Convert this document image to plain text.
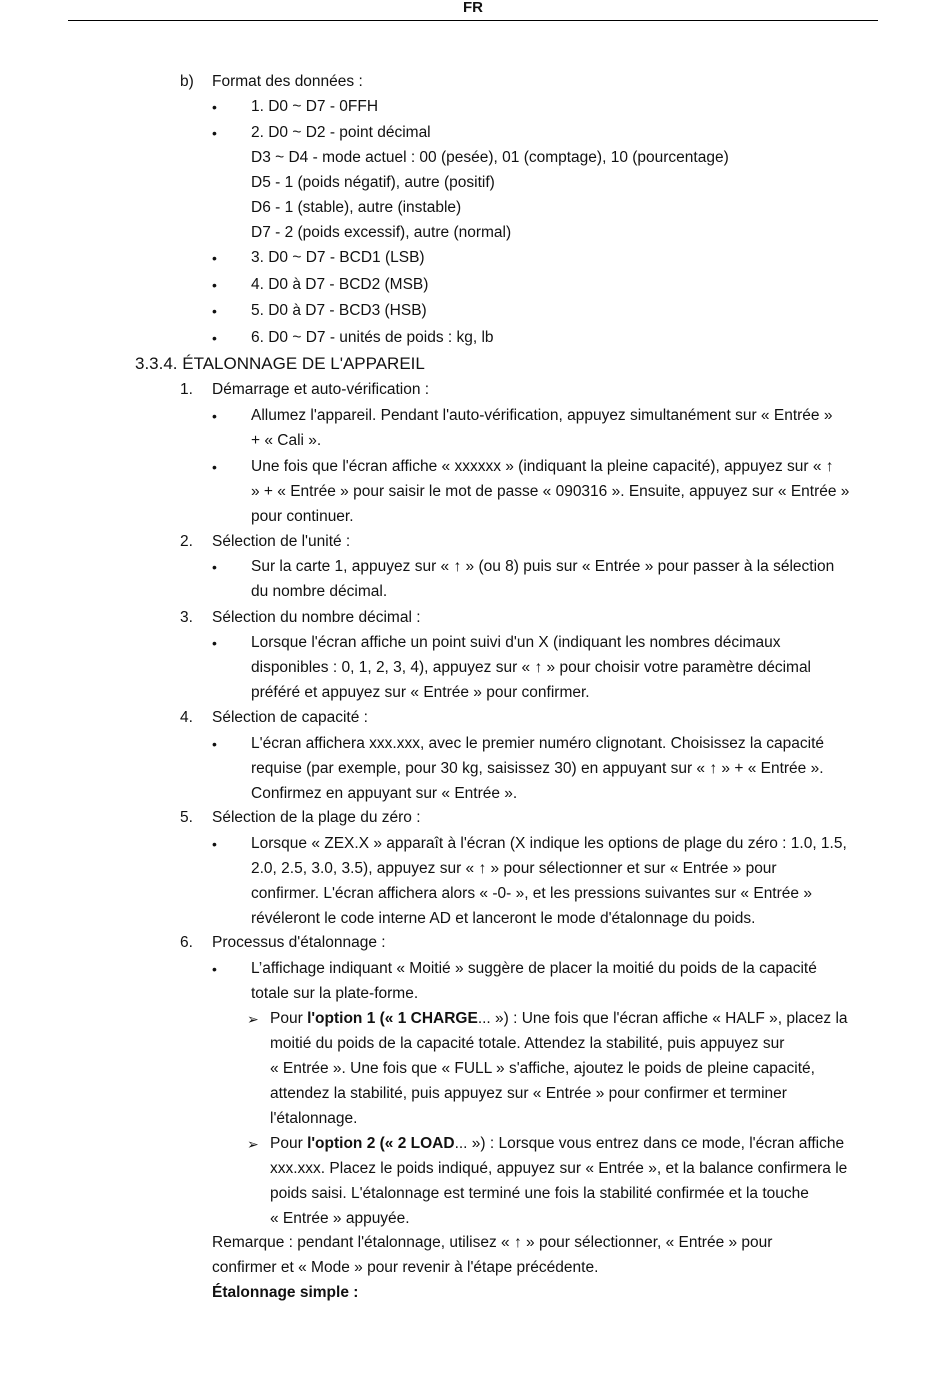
FR
b) Format des données :
• 1. D0 ~ D7 - 0FFH
• 2. D0 ~ D2 - point décimal
D3 ~ D4 - mode actuel : 00 (pesée), 01 (comptage), 10 (pourcentage)
D5 - 1 (poids négatif), autre (positif)
D6 - 1 (stable), autre (instable)
D7 - 2 (poids excessif), autre (normal)
• 3. D0 ~ D7 - BCD1 (LSB)
• 4. D0 à D7 - BCD2 (MSB)
• 5. D0 à D7 - BCD3 (HSB)
• 6. D0 ~ D7 - unités de poids : kg, lb
3.3.4. ÉTALONNAGE DE L'APPAREIL
1. Démarrage et auto-vérification :
• Allumez l'appareil. Pendant l'auto-vérification, appuyez simultanément sur « Entrée »
+ « Cali ».
• Une fois que l'écran affiche « xxxxxx » (indiquant la pleine capacité), appuyez sur « ↑
» + « Entrée » pour saisir le mot de passe « 090316 ». Ensuite, appuyez sur « Entrée »
pour continuer.
2. Sélection de l'unité :
• Sur la carte 1, appuyez sur « ↑ » (ou 8) puis sur « Entrée » pour passer à la sélection
du nombre décimal.
3. Sélection du nombre décimal :
• Lorsque l'écran affiche un point suivi d'un X (indiquant les nombres décimaux
disponibles : 0, 1, 2, 3, 4), appuyez sur « ↑ » pour choisir votre paramètre décimal
préféré et appuyez sur « Entrée » pour confirmer.
4. Sélection de capacité :
• L'écran affichera xxx.xxx, avec le premier numéro clignotant. Choisissez la capacité
requise (par exemple, pour 30 kg, saisissez 30) en appuyant sur « ↑ » + « Entrée ».
Confirmez en appuyant sur « Entrée ».
5. Sélection de la plage du zéro :
• Lorsque « ZEX.X » apparaît à l'écran (X indique les options de plage du zéro : 1.0, 1.5,
2.0, 2.5, 3.0, 3.5), appuyez sur « ↑ » pour sélectionner et sur « Entrée » pour
confirmer. L'écran affichera alors « -0- », et les pressions suivantes sur « Entrée »
révéleront le code interne AD et lanceront le mode d'étalonnage du poids.
6. Processus d'étalonnage :
• L’affichage indiquant « Moitié » suggère de placer la moitié du poids de la capacité
totale sur la plate-forme.
➢ Pour l'option 1 (« 1 CHARGE... ») : Une fois que l'écran affiche « HALF », placez la
moitié du poids de la capacité totale. Attendez la stabilité, puis appuyez sur
« Entrée ». Une fois que « FULL » s'affiche, ajoutez le poids de pleine capacité,
attendez la stabilité, puis appuyez sur « Entrée » pour confirmer et terminer
l'étalonnage.
➢ Pour l'option 2 (« 2 LOAD... ») : Lorsque vous entrez dans ce mode, l'écran affiche
xxx.xxx. Placez le poids indiqué, appuyez sur « Entrée », et la balance confirmera le
poids saisi. L'étalonnage est terminé une fois la stabilité confirmée et la touche
« Entrée » appuyée.
Remarque : pendant l'étalonnage, utilisez « ↑ » pour sélectionner, « Entrée » pour
confirmer et « Mode » pour revenir à l'étape précédente.
Étalonnage simple :
